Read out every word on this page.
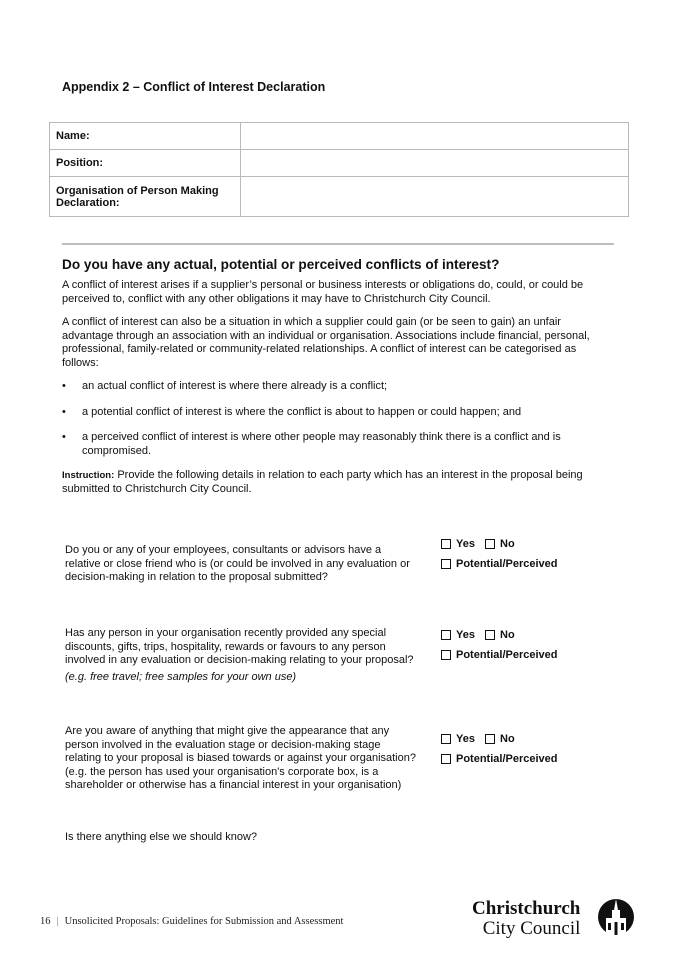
Appendix 2 – Conflict of Interest Declaration
Name:	
Position:	

Organisation of Person Making
Declaration:	

Do you have any actual, potential or perceived conflicts of interest?
A conflict of interest arises if a supplier’s personal or business interests or obligations do, could, or could be
perceived to, conflict with any other obligations it may have to Christchurch City Council.
A conflict of interest can also be a situation in which a supplier could gain (or be seen to gain) an unfair
advantage through an association with an individual or organisation. Associations include financial, personal,
professional, family-related or community-related relationships. A conflict of interest can be categorised as
follows:
• an actual conflict of interest is where there already is a conflict;
• a potential conflict of interest is where the conflict is about to happen or could happen; and
• a perceived conflict of interest is where other people may reasonably think there is a conflict and is
compromised.
Instruction: Provide the following details in relation to each party which has an interest in the proposal being
submitted to Christchurch City Council.
Do you or any of your employees, consultants or advisors have a
relative or close friend who is (or could be involved in any evaluation or
decision-making in relation to the proposal submitted?
Yes No
Potential/Perceived
Has any person in your organisation recently provided any special
discounts, gifts, trips, hospitality, rewards or favours to any person
involved in any evaluation or decision-making relating to your proposal?
(e.g. free travel; free samples for your own use)
Yes No
Potential/Perceived
Are you aware of anything that might give the appearance that any
person involved in the evaluation stage or decision-making stage
relating to your proposal is biased towards or against your organisation?
(e.g. the person has used your organisation's corporate box, is a
shareholder or otherwise has a financial interest in your organisation)
Yes No
Potential/Perceived
Is there anything else we should know?
16 | Unsolicited Proposals: Guidelines for Submission and Assessment
Christchurch
City Council
